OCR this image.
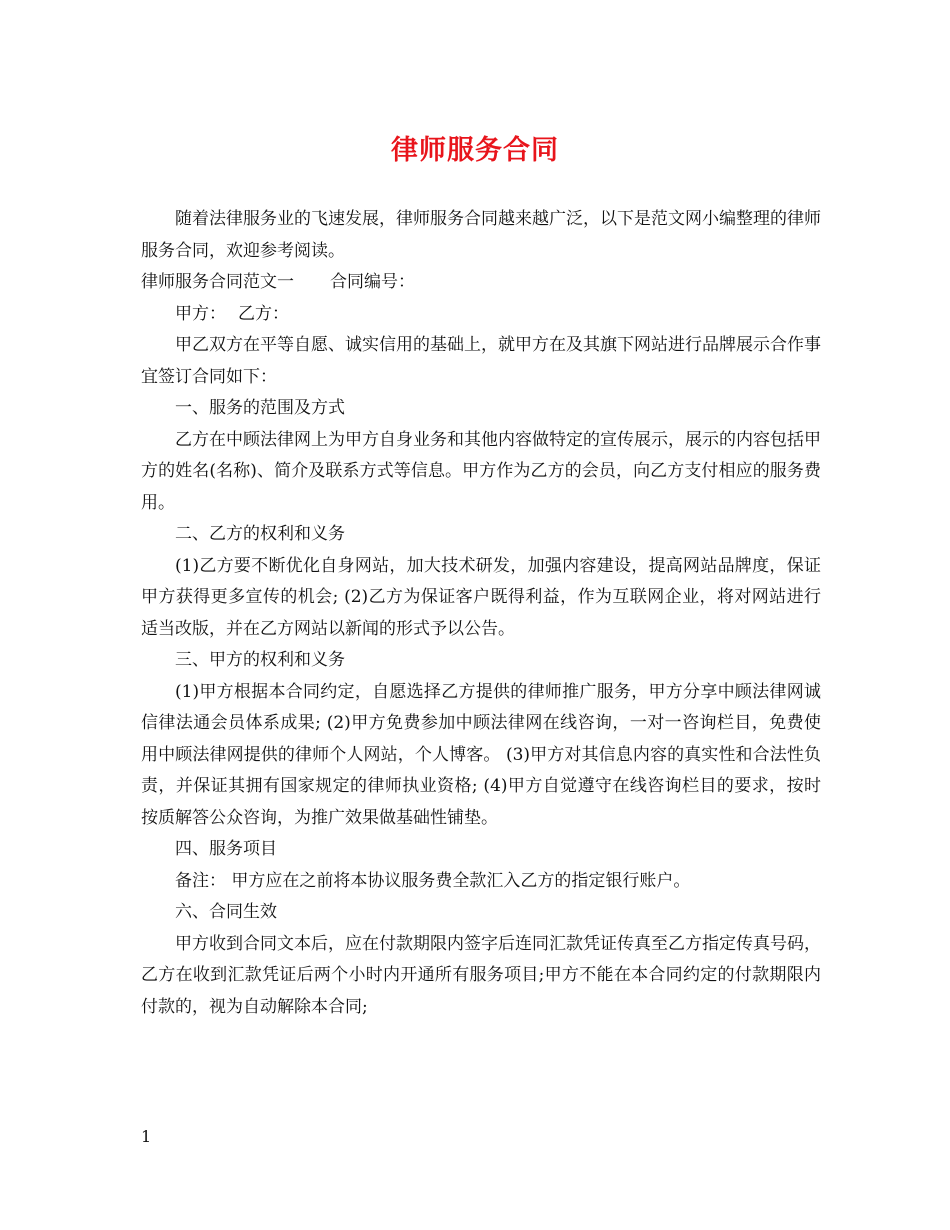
律师服务合同

随着法律服务业的飞速发展，律师服务合同越来越广泛，以下是范文网小编整理的律师服务合同，欢迎参考阅读。

律师服务合同范文一 合同编号：

甲方： 乙方：

甲乙双方在平等自愿、诚实信用的基础上，就甲方在及其旗下网站进行品牌展示合作事宜签订合同如下：

一、服务的范围及方式

乙方在中顾法律网上为甲方自身业务和其他内容做特定的宣传展示，展示的内容包括甲方的姓名(名称)、简介及联系方式等信息。甲方作为乙方的会员，向乙方支付相应的服务费用。

二、乙方的权利和义务

(1)乙方要不断优化自身网站，加大技术研发，加强内容建设，提高网站品牌度，保证甲方获得更多宣传的机会; (2)乙方为保证客户既得利益，作为互联网企业，将对网站进行适当改版，并在乙方网站以新闻的形式予以公告。

三、甲方的权利和义务

(1)甲方根据本合同约定，自愿选择乙方提供的律师推广服务，甲方分享中顾法律网诚信律法通会员体系成果; (2)甲方免费参加中顾法律网在线咨询，一对一咨询栏目，免费使用中顾法律网提供的律师个人网站，个人博客。 (3)甲方对其信息内容的真实性和合法性负责，并保证其拥有国家规定的律师执业资格; (4)甲方自觉遵守在线咨询栏目的要求，按时按质解答公众咨询，为推广效果做基础性铺垫。

四、服务项目

备注： 甲方应在之前将本协议服务费全款汇入乙方的指定银行账户。

六、合同生效

甲方收到合同文本后，应在付款期限内签字后连同汇款凭证传真至乙方指定传真号码，乙方在收到汇款凭证后两个小时内开通所有服务项目;甲方不能在本合同约定的付款期限内付款的，视为自动解除本合同;

1
